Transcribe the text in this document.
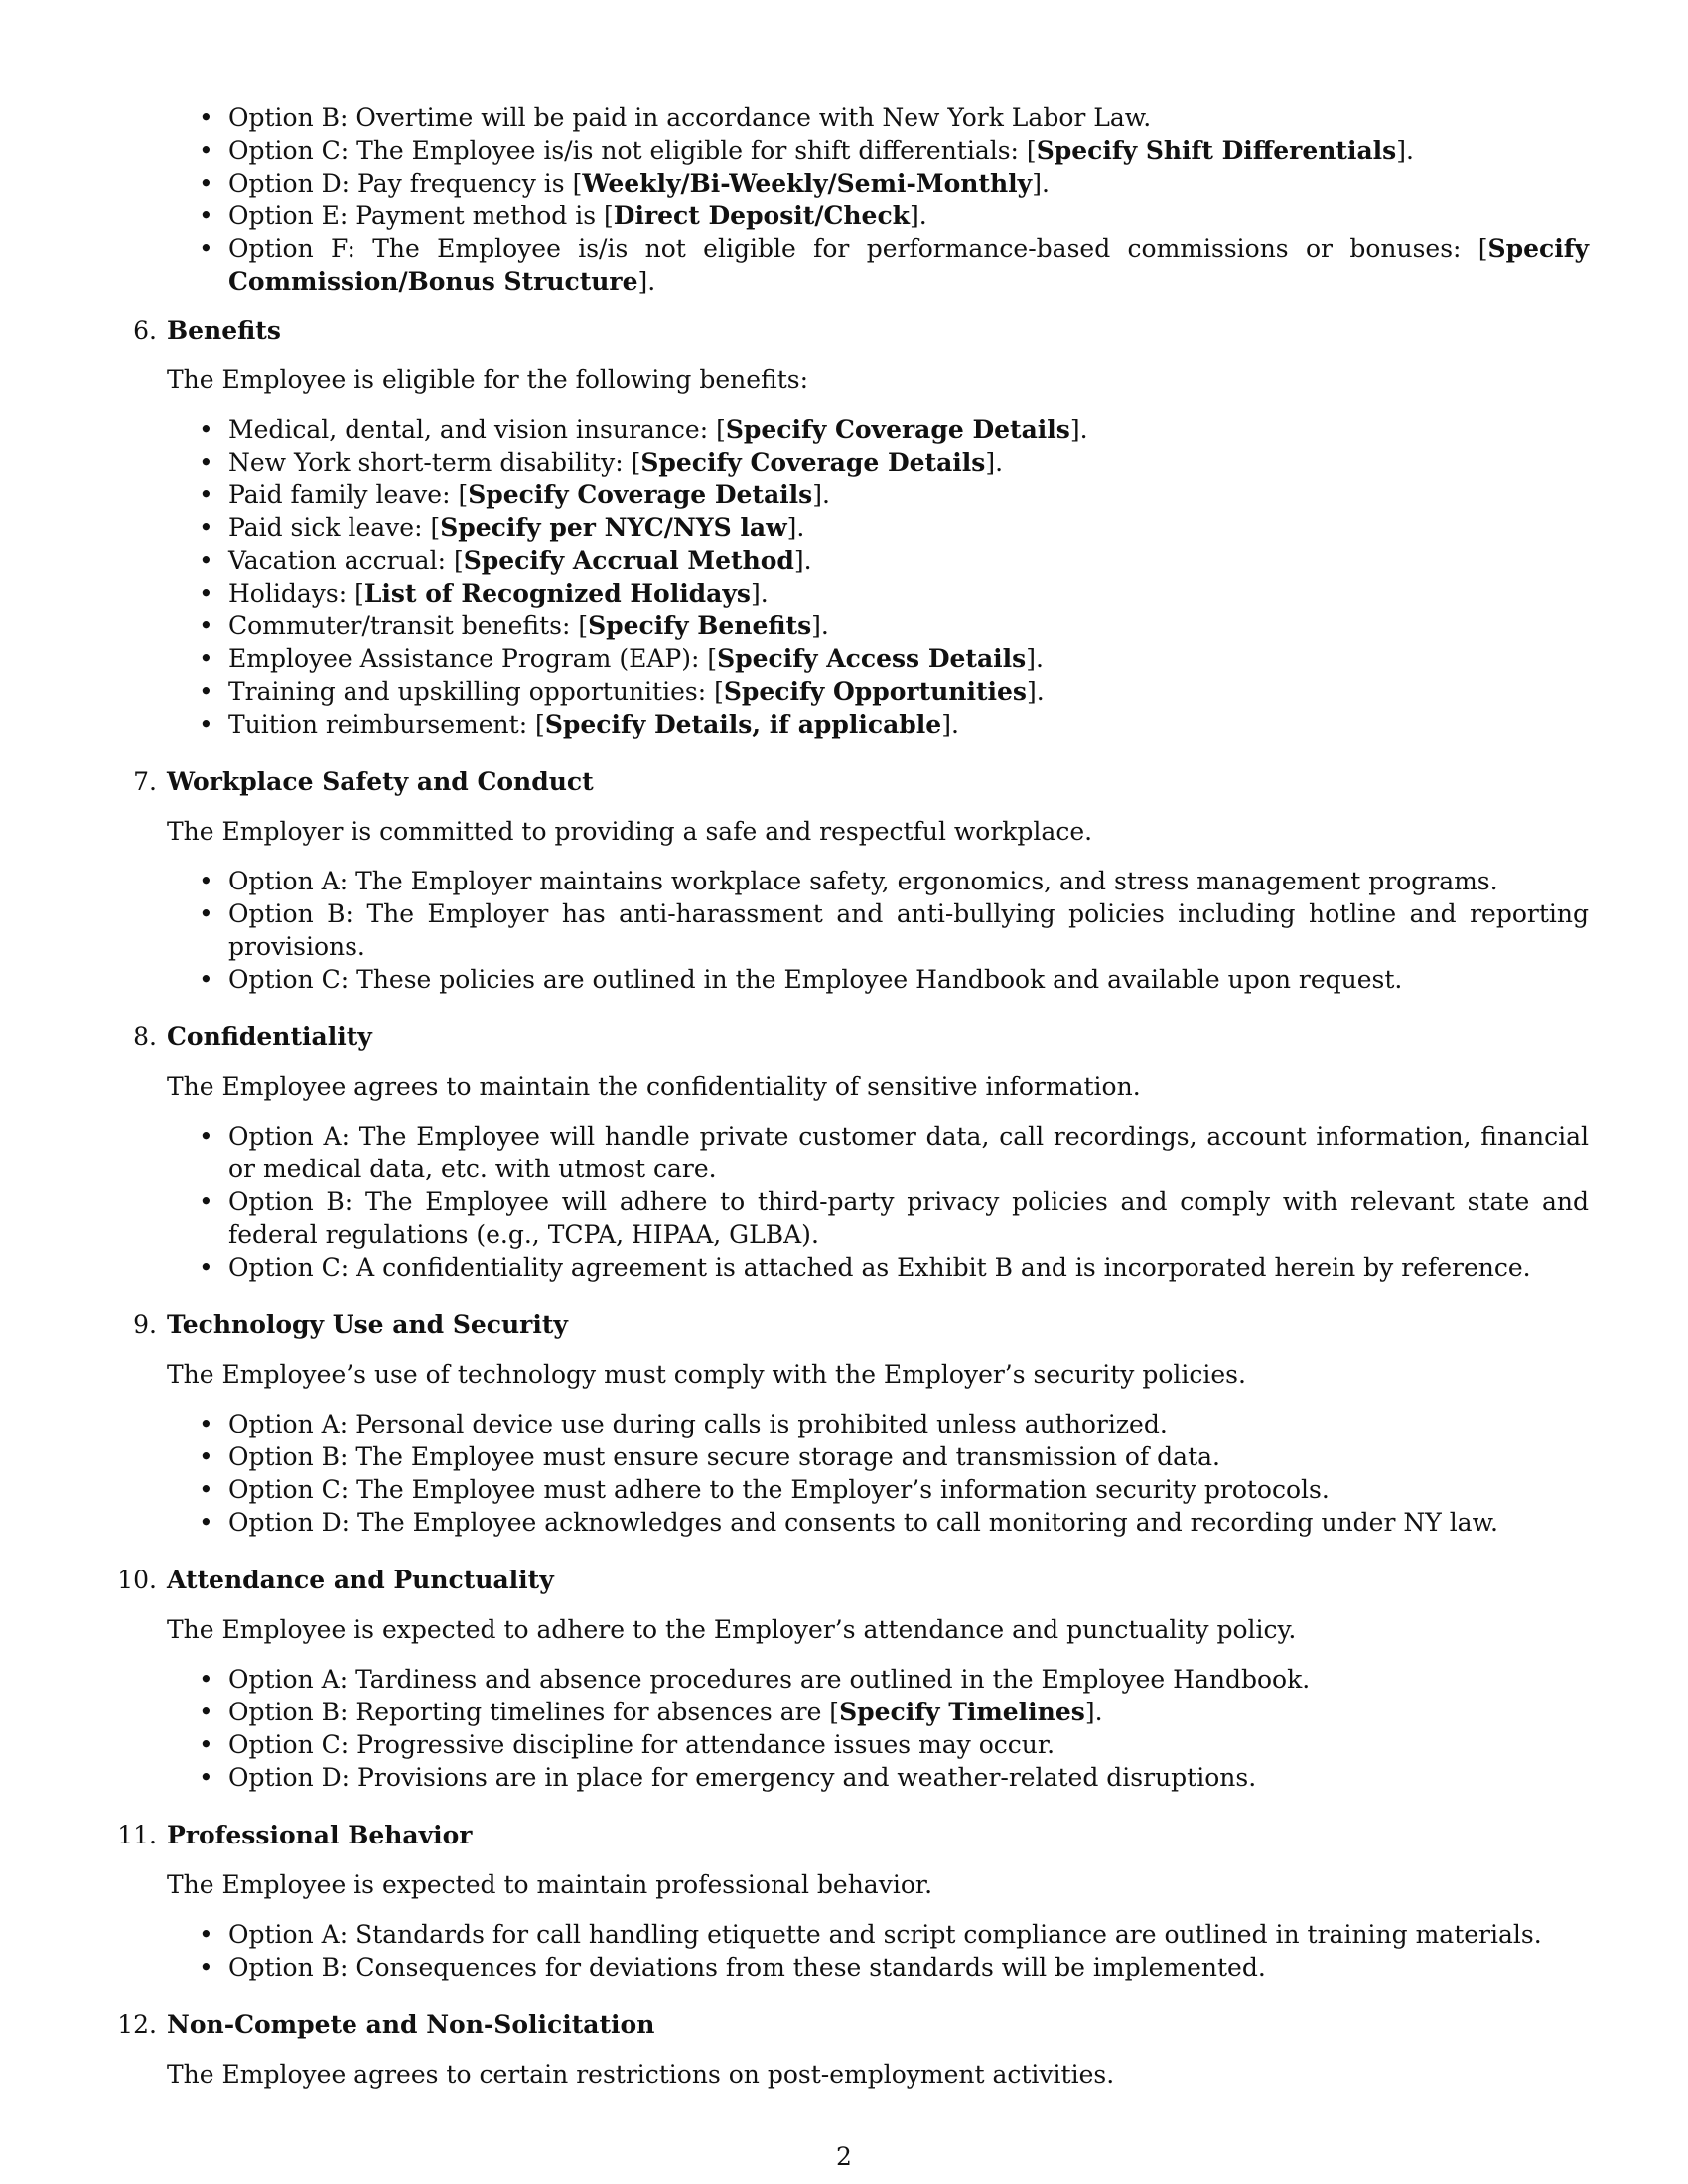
• Option B: Overtime will be paid in accordance with New York Labor Law.
• Option C: The Employee is/is not eligible for shift differentials: [Specify Shift Differentials].
• Option D: Pay frequency is [Weekly/Bi-Weekly/Semi-Monthly].
• Option E: Payment method is [Direct Deposit/Check].
• Option F: The Employee is/is not eligible for performance-based commissions or bonuses: [Specify Commission/Bonus Structure].
6. Benefits
The Employee is eligible for the following benefits:
• Medical, dental, and vision insurance: [Specify Coverage Details].
• New York short-term disability: [Specify Coverage Details].
• Paid family leave: [Specify Coverage Details].
• Paid sick leave: [Specify per NYC/NYS law].
• Vacation accrual: [Specify Accrual Method].
• Holidays: [List of Recognized Holidays].
• Commuter/transit benefits: [Specify Benefits].
• Employee Assistance Program (EAP): [Specify Access Details].
• Training and upskilling opportunities: [Specify Opportunities].
• Tuition reimbursement: [Specify Details, if applicable].
7. Workplace Safety and Conduct
The Employer is committed to providing a safe and respectful workplace.
• Option A: The Employer maintains workplace safety, ergonomics, and stress management programs.
• Option B: The Employer has anti-harassment and anti-bullying policies including hotline and reporting provisions.
• Option C: These policies are outlined in the Employee Handbook and available upon request.
8. Confidentiality
The Employee agrees to maintain the confidentiality of sensitive information.
• Option A: The Employee will handle private customer data, call recordings, account information, financial or medical data, etc. with utmost care.
• Option B: The Employee will adhere to third-party privacy policies and comply with relevant state and federal regulations (e.g., TCPA, HIPAA, GLBA).
• Option C: A confidentiality agreement is attached as Exhibit B and is incorporated herein by reference.
9. Technology Use and Security
The Employee’s use of technology must comply with the Employer’s security policies.
• Option A: Personal device use during calls is prohibited unless authorized.
• Option B: The Employee must ensure secure storage and transmission of data.
• Option C: The Employee must adhere to the Employer’s information security protocols.
• Option D: The Employee acknowledges and consents to call monitoring and recording under NY law.
10. Attendance and Punctuality
The Employee is expected to adhere to the Employer’s attendance and punctuality policy.
• Option A: Tardiness and absence procedures are outlined in the Employee Handbook.
• Option B: Reporting timelines for absences are [Specify Timelines].
• Option C: Progressive discipline for attendance issues may occur.
• Option D: Provisions are in place for emergency and weather-related disruptions.
11. Professional Behavior
The Employee is expected to maintain professional behavior.
• Option A: Standards for call handling etiquette and script compliance are outlined in training materials.
• Option B: Consequences for deviations from these standards will be implemented.
12. Non-Compete and Non-Solicitation
The Employee agrees to certain restrictions on post-employment activities.
2
